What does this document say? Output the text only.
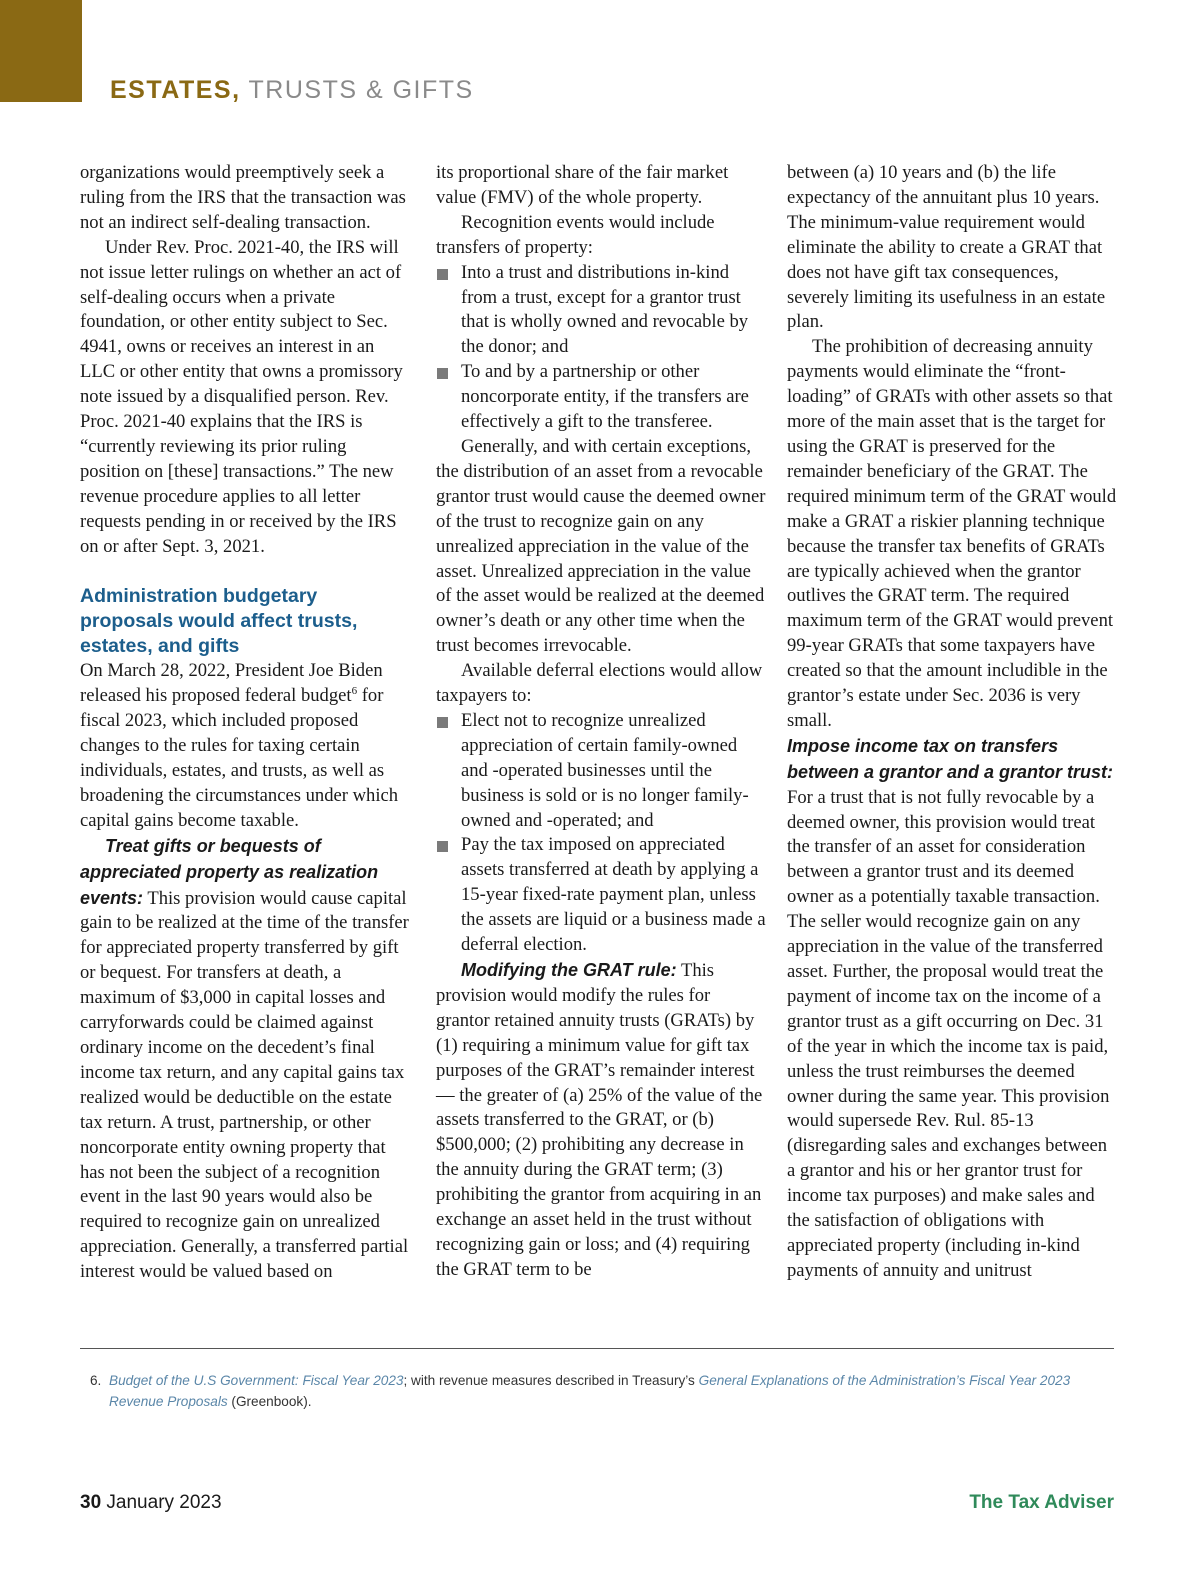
ESTATES, TRUSTS & GIFTS

organizations would preemptively seek a ruling from the IRS that the transaction was not an indirect self-dealing transaction.

Under Rev. Proc. 2021-40, the IRS will not issue letter rulings on whether an act of self-dealing occurs when a private foundation, or other entity subject to Sec. 4941, owns or receives an interest in an LLC or other entity that owns a promissory note issued by a disqualified person. Rev. Proc. 2021-40 explains that the IRS is “currently reviewing its prior ruling position on [these] transactions.” The new revenue procedure applies to all letter requests pending in or received by the IRS on or after Sept. 3, 2021.

Administration budgetary proposals would affect trusts, estates, and gifts

On March 28, 2022, President Joe Biden released his proposed federal budget$^6$ for fiscal 2023, which included proposed changes to the rules for taxing certain individuals, estates, and trusts, as well as broadening the circumstances under which capital gains become taxable.

Treat gifts or bequests of appreciated property as realization events: This provision would cause capital gain to be realized at the time of the transfer for appreciated property transferred by gift or bequest. For transfers at death, a maximum of $3,000 in capital losses and carryforwards could be claimed against ordinary income on the decedent’s final income tax return, and any capital gains tax realized would be deductible on the estate tax return. A trust, partnership, or other noncorporate entity owning property that has not been the subject of a recognition event in the last 90 years would also be required to recognize gain on unrealized appreciation. Generally, a transferred partial interest would be valued based on

its proportional share of the fair market value (FMV) of the whole property.

Recognition events would include transfers of property:

Into a trust and distributions in-kind from a trust, except for a grantor trust that is wholly owned and revocable by the donor; and
To and by a partnership or other noncorporate entity, if the transfers are effectively a gift to the transferee.

Generally, and with certain exceptions, the distribution of an asset from a revocable grantor trust would cause the deemed owner of the trust to recognize gain on any unrealized appreciation in the value of the asset. Unrealized appreciation in the value of the asset would be realized at the deemed owner’s death or any other time when the trust becomes irrevocable.

Available deferral elections would allow taxpayers to:

Elect not to recognize unrealized appreciation of certain family-owned and -operated businesses until the business is sold or is no longer family-owned and -operated; and
Pay the tax imposed on appreciated assets transferred at death by applying a 15-year fixed-rate payment plan, unless the assets are liquid or a business made a deferral election.

Modifying the GRAT rule: This provision would modify the rules for grantor retained annuity trusts (GRATs) by (1) requiring a minimum value for gift tax purposes of the GRAT’s remainder interest — the greater of (a) 25% of the value of the assets transferred to the GRAT, or (b) $500,000; (2) prohibiting any decrease in the annuity during the GRAT term; (3) prohibiting the grantor from acquiring in an exchange an asset held in the trust without recognizing gain or loss; and (4) requiring the GRAT term to be

between (a) 10 years and (b) the life expectancy of the annuitant plus 10 years. The minimum-value requirement would eliminate the ability to create a GRAT that does not have gift tax consequences, severely limiting its usefulness in an estate plan.

The prohibition of decreasing annuity payments would eliminate the “front-loading” of GRATs with other assets so that more of the main asset that is the target for using the GRAT is preserved for the remainder beneficiary of the GRAT. The required minimum term of the GRAT would make a GRAT a riskier planning technique because the transfer tax benefits of GRATs are typically achieved when the grantor outlives the GRAT term. The required maximum term of the GRAT would prevent 99-year GRATs that some taxpayers have created so that the amount includible in the grantor’s estate under Sec. 2036 is very small.

Impose income tax on transfers between a grantor and a grantor trust: For a trust that is not fully revocable by a deemed owner, this provision would treat the transfer of an asset for consideration between a grantor trust and its deemed owner as a potentially taxable transaction. The seller would recognize gain on any appreciation in the value of the transferred asset. Further, the proposal would treat the payment of income tax on the income of a grantor trust as a gift occurring on Dec. 31 of the year in which the income tax is paid, unless the trust reimburses the deemed owner during the same year. This provision would supersede Rev. Rul. 85-13 (disregarding sales and exchanges between a grantor and his or her grantor trust for income tax purposes) and make sales and the satisfaction of obligations with appreciated property (including in-kind payments of annuity and unitrust

6. Budget of the U.S Government: Fiscal Year 2023; with revenue measures described in Treasury’s General Explanations of the Administration’s Fiscal Year 2023 Revenue Proposals (Greenbook).
30 January 2023	The Tax Adviser
